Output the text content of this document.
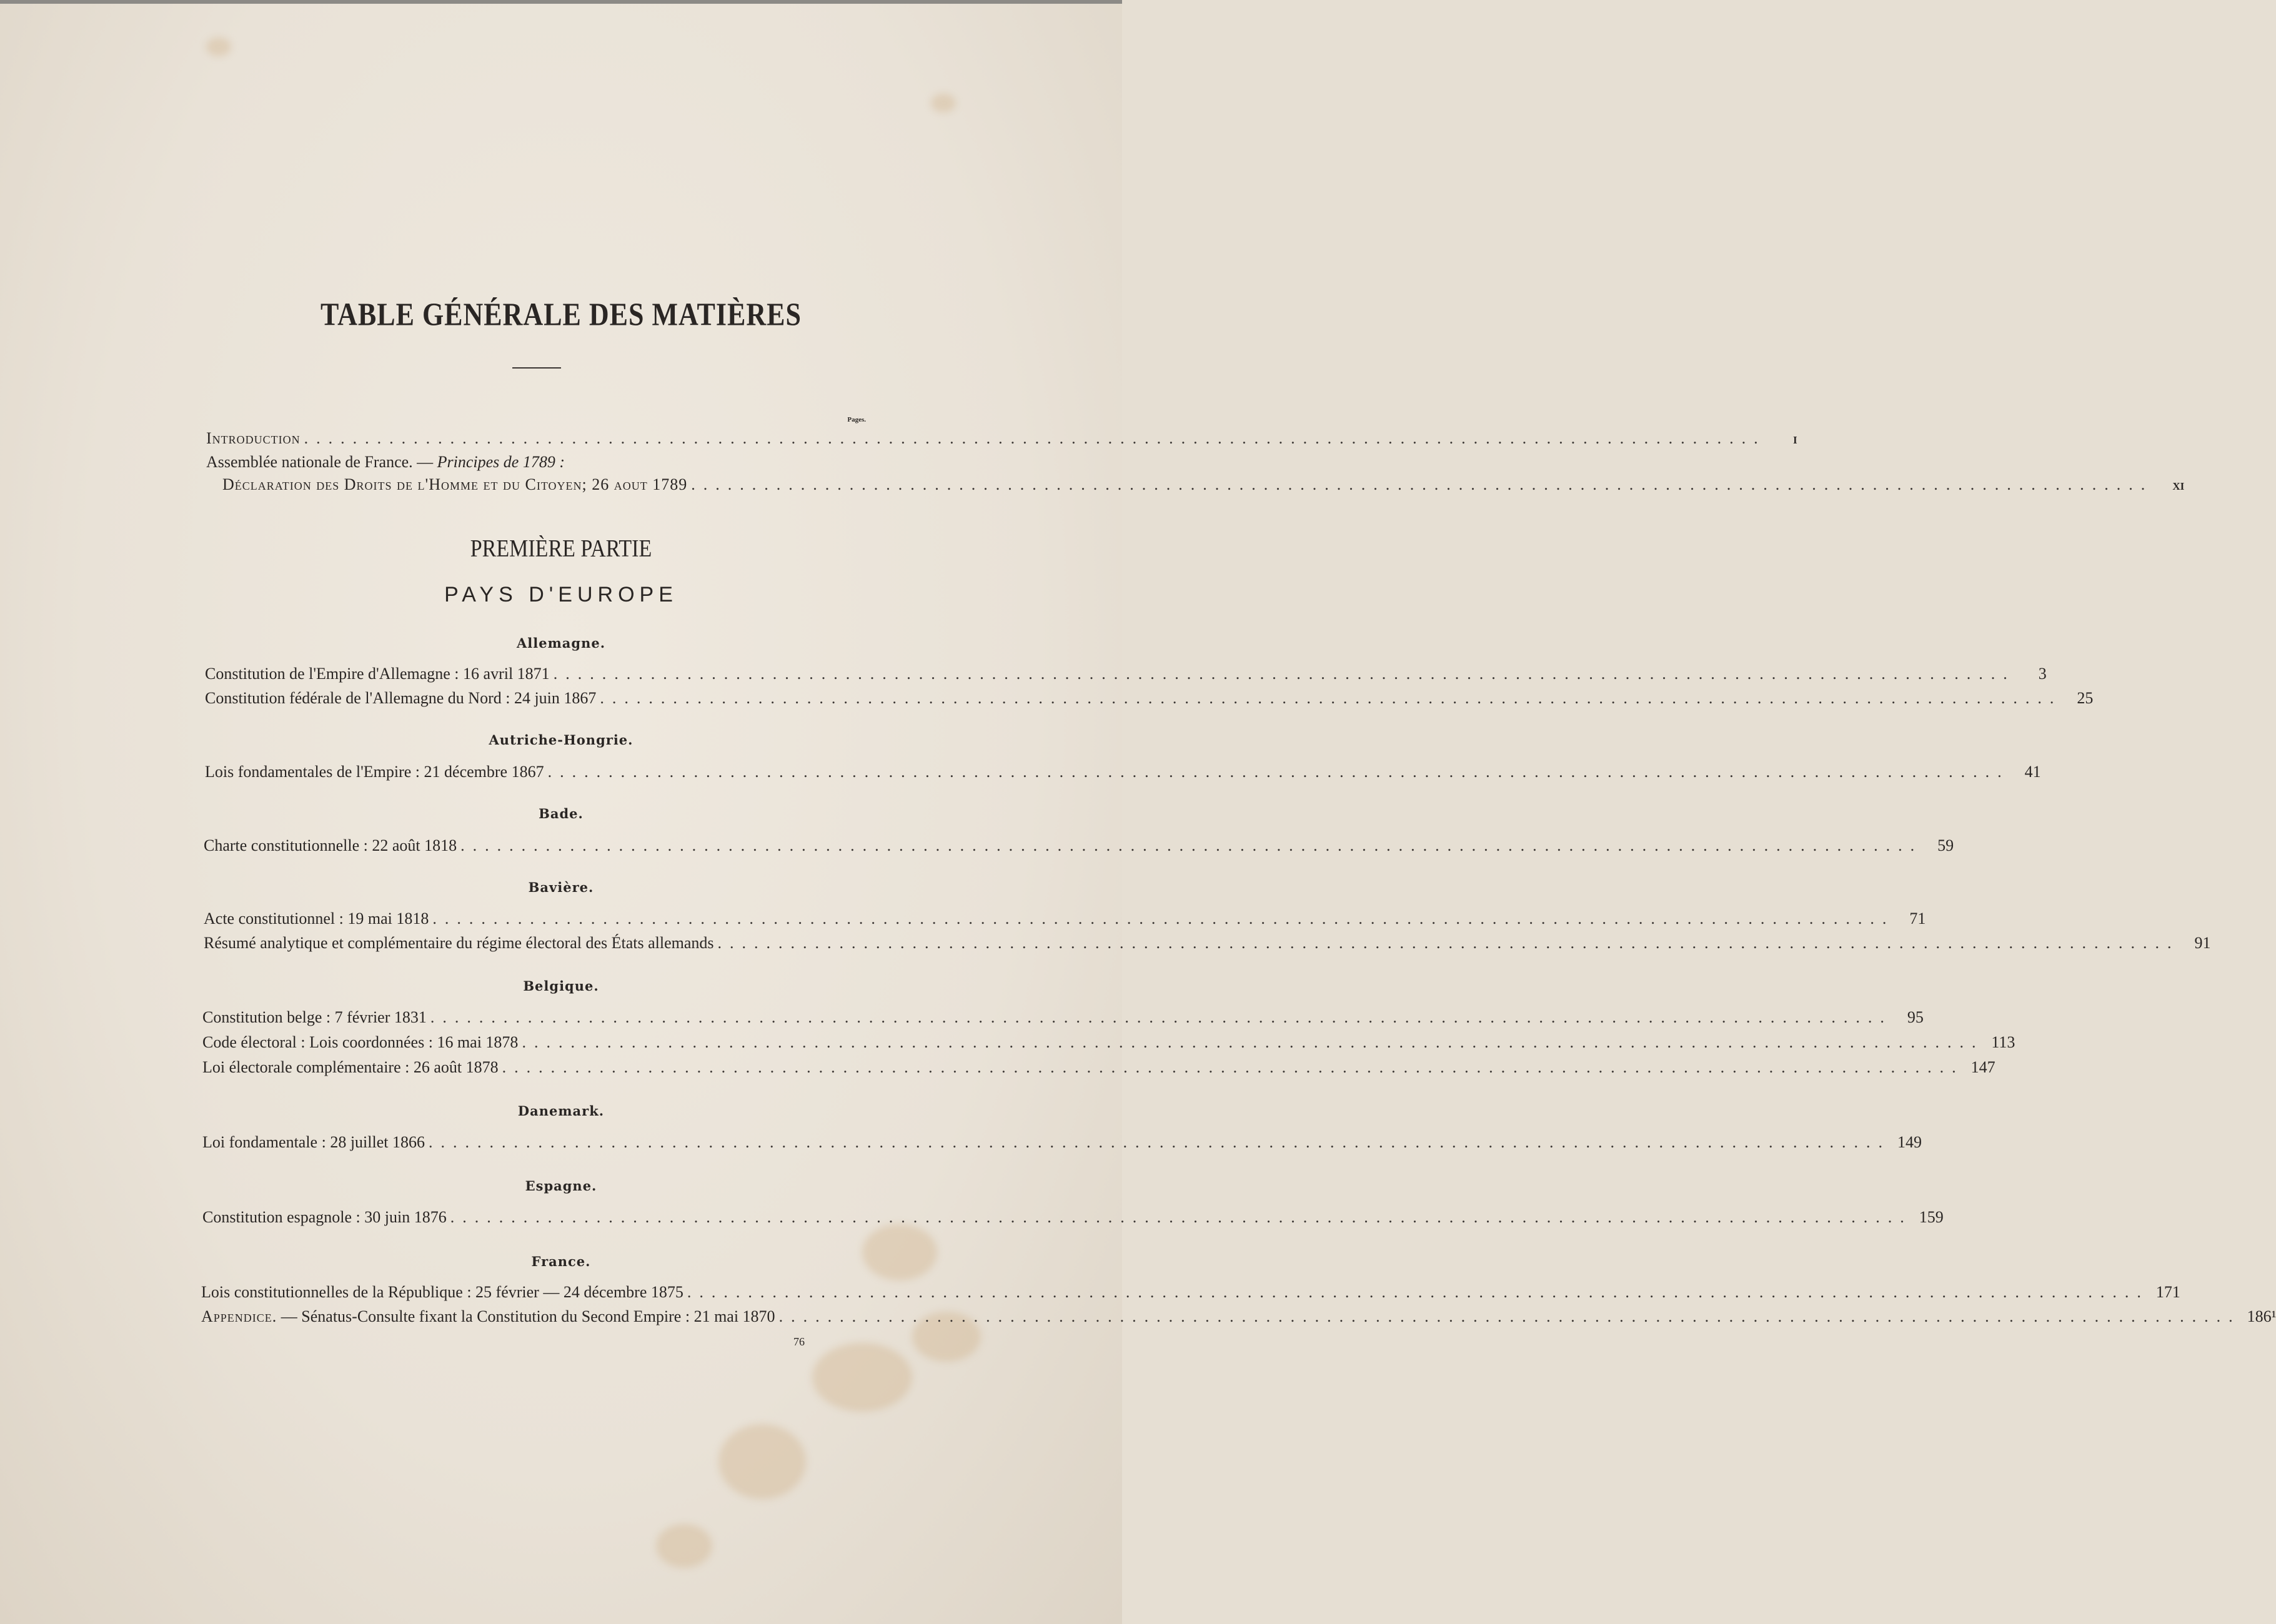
TABLE GÉNÉRALE DES MATIÈRES
Pages.
Introduction ........................................................................................................................	I
Assemblée nationale de France. — Principes de 1789 :
Déclaration des Droits de l'Homme et du Citoyen; 26 aout 1789 ........................................................................................................................	XI
PREMIÈRE PARTIE
PAYS D'EUROPE
Allemagne.
Constitution de l'Empire d'Allemagne : 16 avril 1871 ........................................................................................................................	3
Constitution fédérale de l'Allemagne du Nord : 24 juin 1867 ........................................................................................................................ 25
Autriche-Hongrie.
Lois fondamentales de l'Empire : 21 décembre 1867 ........................................................................................................................ 41
Bade.
Charte constitutionnelle : 22 août 1818 ........................................................................................................................ 59
Bavière.
Acte constitutionnel : 19 mai 1818 ........................................................................................................................ 71
Résumé analytique et complémentaire du régime électoral des États allemands ........................................................................................................................ 91
Belgique.
Constitution belge : 7 février 1831 ........................................................................................................................ 95
Code électoral : Lois coordonnées : 16 mai 1878 ........................................................................................................................ 113
Loi électorale complémentaire : 26 août 1878 ........................................................................................................................ 147
Danemark.
Loi fondamentale : 28 juillet 1866 ........................................................................................................................ 149
Espagne.
Constitution espagnole : 30 juin 1876 ........................................................................................................................ 159
France.
Lois constitutionnelles de la République : 25 février — 24 décembre 1875 ........................................................................................................................ 171
Appendice. — Sénatus-Consulte fixant la Constitution du Second Empire : 21 mai 1870 ........................................................................................................................ 186¹
76
